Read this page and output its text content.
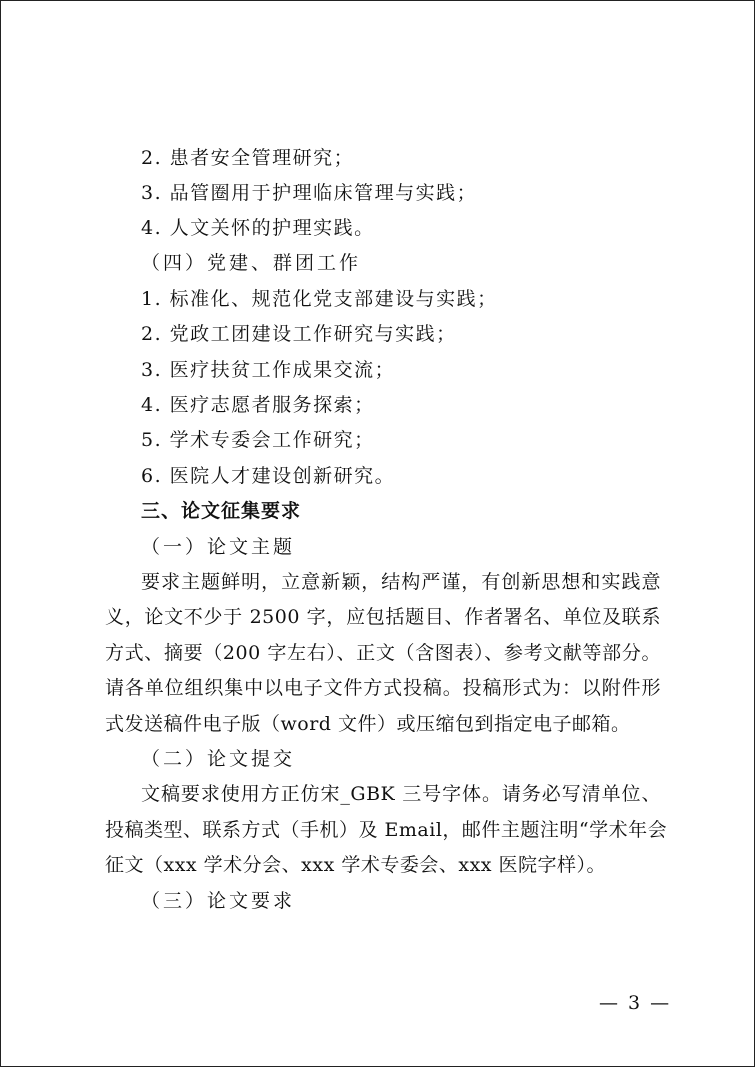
2. 患者安全管理研究；
3. 品管圈用于护理临床管理与实践；
4. 人文关怀的护理实践。
（四）党建、群团工作
1. 标准化、规范化党支部建设与实践；
2. 党政工团建设工作研究与实践；
3. 医疗扶贫工作成果交流；
4. 医疗志愿者服务探索；
5. 学术专委会工作研究；
6. 医院人才建设创新研究。
三、论文征集要求
（一）论文主题
要求主题鲜明，立意新颖，结构严谨，有创新思想和实践意
义，论文不少于 2500 字，应包括题目、作者署名、单位及联系
方式、摘要（200 字左右）、正文（含图表）、参考文献等部分。
请各单位组织集中以电子文件方式投稿。投稿形式为：以附件形
式发送稿件电子版（word 文件）或压缩包到指定电子邮箱。
（二）论文提交
文稿要求使用方正仿宋_GBK 三号字体。请务必写清单位、
投稿类型、联系方式（手机）及 Email，邮件主题注明“学术年会
征文（xxx 学术分会、xxx 学术专委会、xxx 医院字样）。
（三）论文要求
— 3 —
